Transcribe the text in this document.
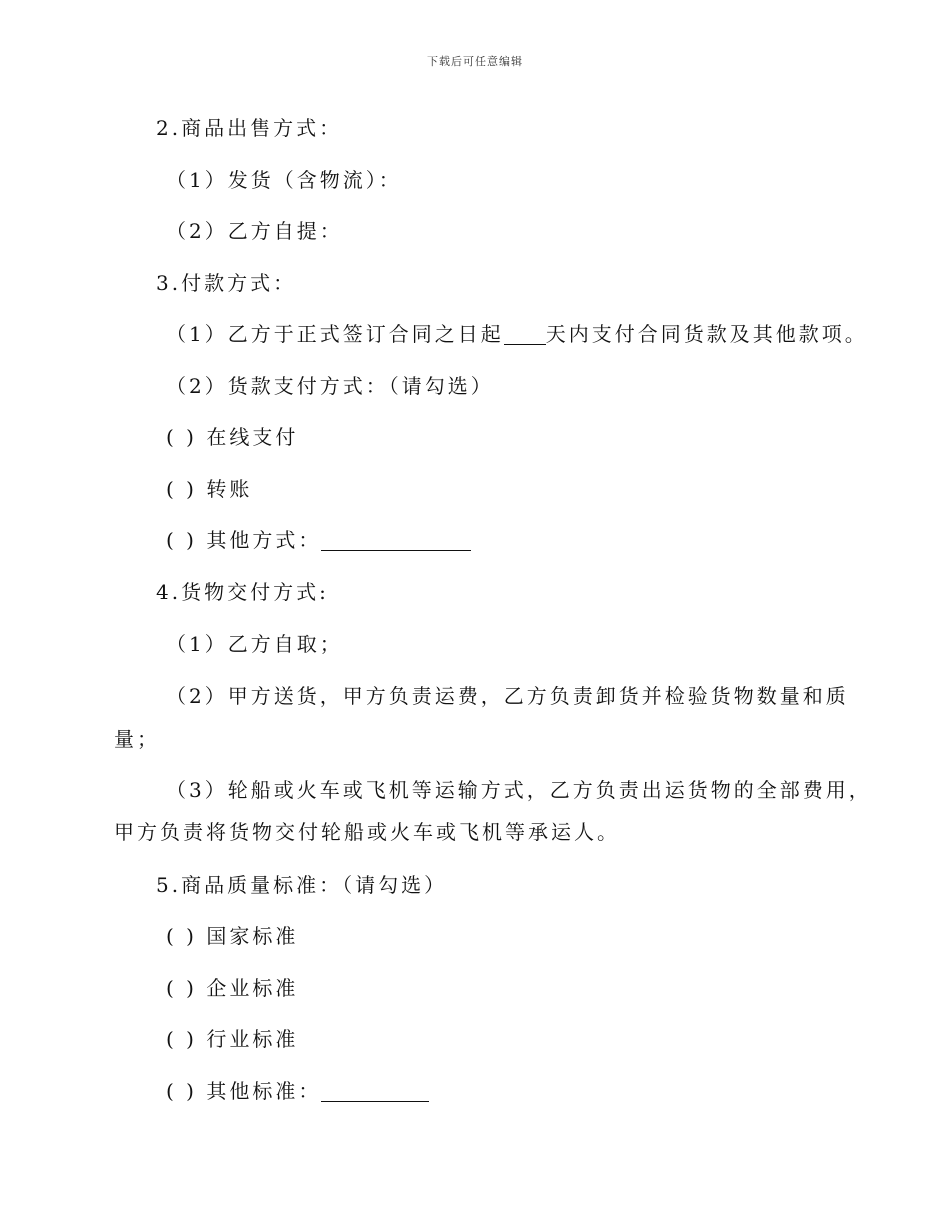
下载后可任意编辑
2.商品出售方式：
（1）发货（含物流）：
（2）乙方自提：
3.付款方式：
（1）乙方于正式签订合同之日起 天内支付合同货款及其他款项。
（2）货款支付方式：（请勾选）
( ) 在线支付
( ) 转账
( ) 其他方式：
4.货物交付方式:
（1）乙方自取；
（2）甲方送货，甲方负责运费，乙方负责卸货并检验货物数量和质
量；
（3）轮船或火车或飞机等运输方式，乙方负责出运货物的全部费用，
甲方负责将货物交付轮船或火车或飞机等承运人。
5.商品质量标准：（请勾选）
( ) 国家标准
( ) 企业标准
( ) 行业标准
( ) 其他标准：
